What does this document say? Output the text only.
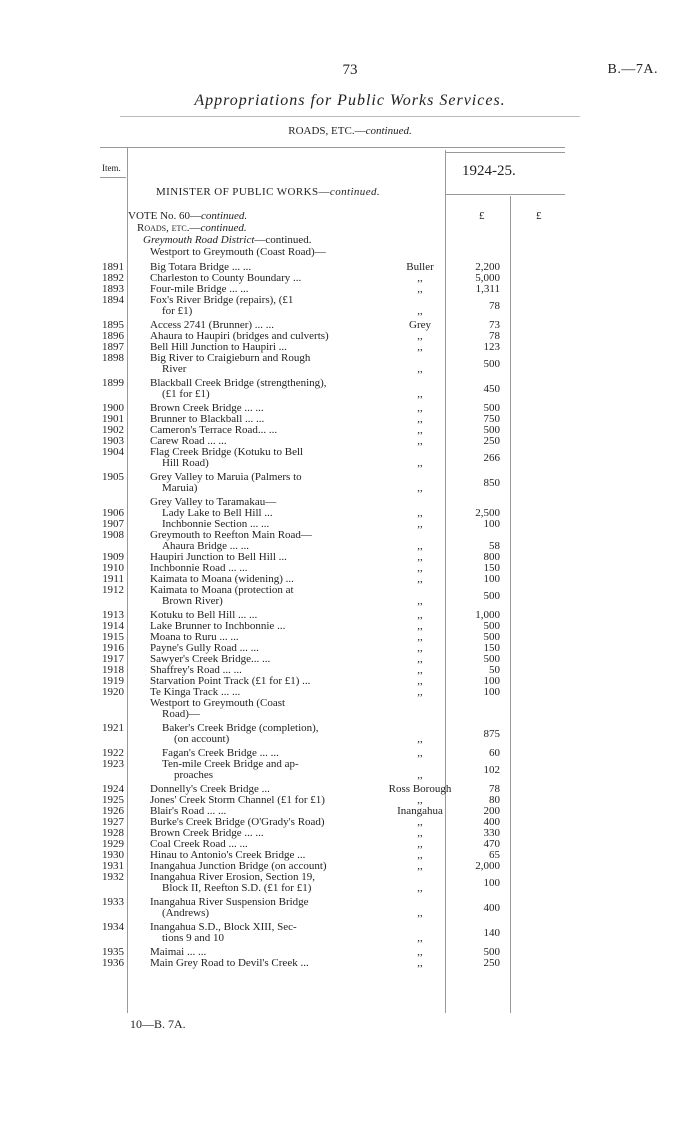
73	B.—7A.
Appropriations for Public Works Services.
ROADS, ETC.—continued.
Item.	1924-25.
MINISTER OF PUBLIC WORKS—continued.
VOTE No. 60—continued.	£	£
Roads, etc.—continued.
Greymouth Road District—continued.
Westport to Greymouth (Coast Road)—
1891 Big Totara Bridge ... ...	Buller	2,200
1892 Charleston to County Boundary ...	,,	5,000
1893 Four-mile Bridge ... ...	,,	1,311
1894 Fox's River Bridge (repairs), (£1
for £1)	,,	78
1895 Access 2741 (Brunner) ... ...	Grey	73
1896 Ahaura to Haupiri (bridges and culverts)	,,	78
1897 Bell Hill Junction to Haupiri ...	,,	123
1898 Big River to Craigieburn and Rough
River	,,	500
1899 Blackball Creek Bridge (strengthening),
(£1 for £1)	,,	450
1900 Brown Creek Bridge ... ...	,,	500
1901 Brunner to Blackball ... ...	,,	750
1902 Cameron's Terrace Road... ...	,,	500
1903 Carew Road ... ...	,,	250
1904 Flag Creek Bridge (Kotuku to Bell
Hill Road)	,,	266
1905 Grey Valley to Maruia (Palmers to
Maruia)	,,	850
Grey Valley to Taramakau—
1906	Lady Lake to Bell Hill ...	,,	2,500
1907	Inchbonnie Section ... ...	,,	100
1908 Greymouth to Reefton Main Road—
Ahaura Bridge ... ...	,,	58
1909 Haupiri Junction to Bell Hill ...	,,	800
1910 Inchbonnie Road ... ...	,,	150
1911 Kaimata to Moana (widening) ...	,,	100
1912 Kaimata to Moana (protection at
Brown River)	,,	500
1913 Kotuku to Bell Hill ... ...	,,	1,000
1914 Lake Brunner to Inchbonnie ...	,,	500
1915 Moana to Ruru ... ...	,,	500
1916 Payne's Gully Road ... ...	,,	150
1917 Sawyer's Creek Bridge... ...	,,	500
1918 Shaffrey's Road ... ...	,,	50
1919 Starvation Point Track (£1 for £1) ...	,,	100
1920 Te Kinga Track ... ...	,,	100
Westport to Greymouth (Coast
Road)—
1921	Baker's Creek Bridge (completion),
(on account)	,,	875
1922	Fagan's Creek Bridge ... ...	,,	60
1923	Ten-mile Creek Bridge and ap-
proaches	,,	102
1924 Donnelly's Creek Bridge ...	Ross Borough	78
1925 Jones' Creek Storm Channel (£1 for £1)	,,	80
1926 Blair's Road ... ...	Inangahua	200
1927 Burke's Creek Bridge (O'Grady's Road)	,,	400
1928 Brown Creek Bridge ... ...	,,	330
1929 Coal Creek Road ... ...	,,	470
1930 Hinau to Antonio's Creek Bridge ...	,,	65
1931 Inangahua Junction Bridge (on account)	,,	2,000
1932 Inangahua River Erosion, Section 19,
Block II, Reefton S.D. (£1 for £1)	,,	100
1933 Inangahua River Suspension Bridge
(Andrews)	,,	400
1934 Inangahua S.D., Block XIII, Sec-
tions 9 and 10	,,	140
1935 Maimai ... ...	,,	500
1936 Main Grey Road to Devil's Creek ...	,,	250
10—B. 7A.
